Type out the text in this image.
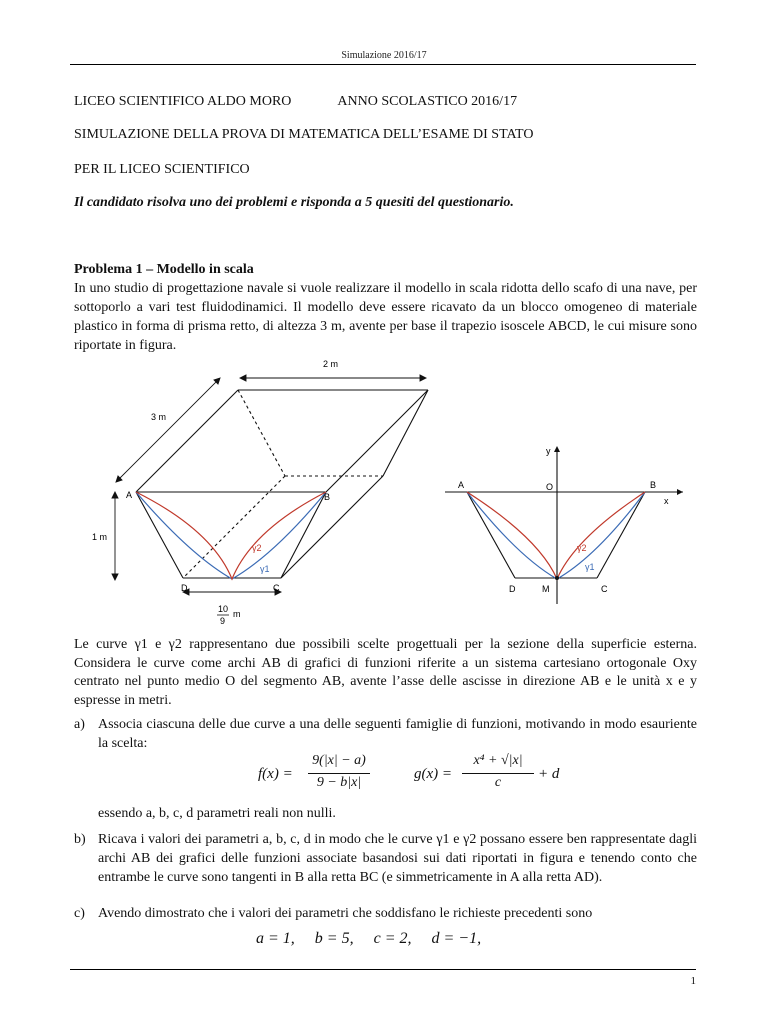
Simulazione 2016/17
LICEO SCIENTIFICO ALDO MORO	ANNO SCOLASTICO 2016/17
SIMULAZIONE DELLA PROVA DI MATEMATICA DELL’ESAME DI STATO
PER IL LICEO SCIENTIFICO
Il candidato risolva uno dei problemi e risponda a 5 quesiti del questionario.
Problema 1 – Modello in scala
In uno studio di progettazione navale si vuole realizzare il modello in scala ridotta dello scafo di una nave, per sottoporlo a vari test fluidodinamici. Il modello deve essere ricavato da un blocco omogeneo di materiale plastico in forma di prisma retto, di altezza 3 m, avente per base il trapezio isoscele ABCD, le cui misure sono riportate in figura.
2 m
3 m
1 m
10
9
m
A	B
C
D
γ2
γ1
A	B
O
x
y
D	M	C
γ2
γ1
Le curve γ1 e γ2 rappresentano due possibili scelte progettuali per la sezione della superficie esterna. Considera le curve come archi AB di grafici di funzioni riferite a un sistema cartesiano ortogonale Oxy centrato nel punto medio O del segmento AB, avente l’asse delle ascisse in direzione AB e le unità x e y espresse in metri.
a) Associa ciascuna delle due curve a una delle seguenti famiglie di funzioni, motivando in modo esauriente la scelta:
f(x) =
9(|x| − a)
9 − b|x|
g(x) =
x⁴ + √|x|
c
+ d
essendo a, b, c, d parametri reali non nulli.
b) Ricava i valori dei parametri a, b, c, d in modo che le curve γ1 e γ2 possano essere ben rappresentate dagli archi AB dei grafici delle funzioni associate basandosi sui dati riportati in figura e tenendo conto che entrambe le curve sono tangenti in B alla retta BC (e simmetricamente in A alla retta AD).
c) Avendo dimostrato che i valori dei parametri che soddisfano le richieste precedenti sono
a = 1,     b = 5,     c = 2,     d = −1,
1
